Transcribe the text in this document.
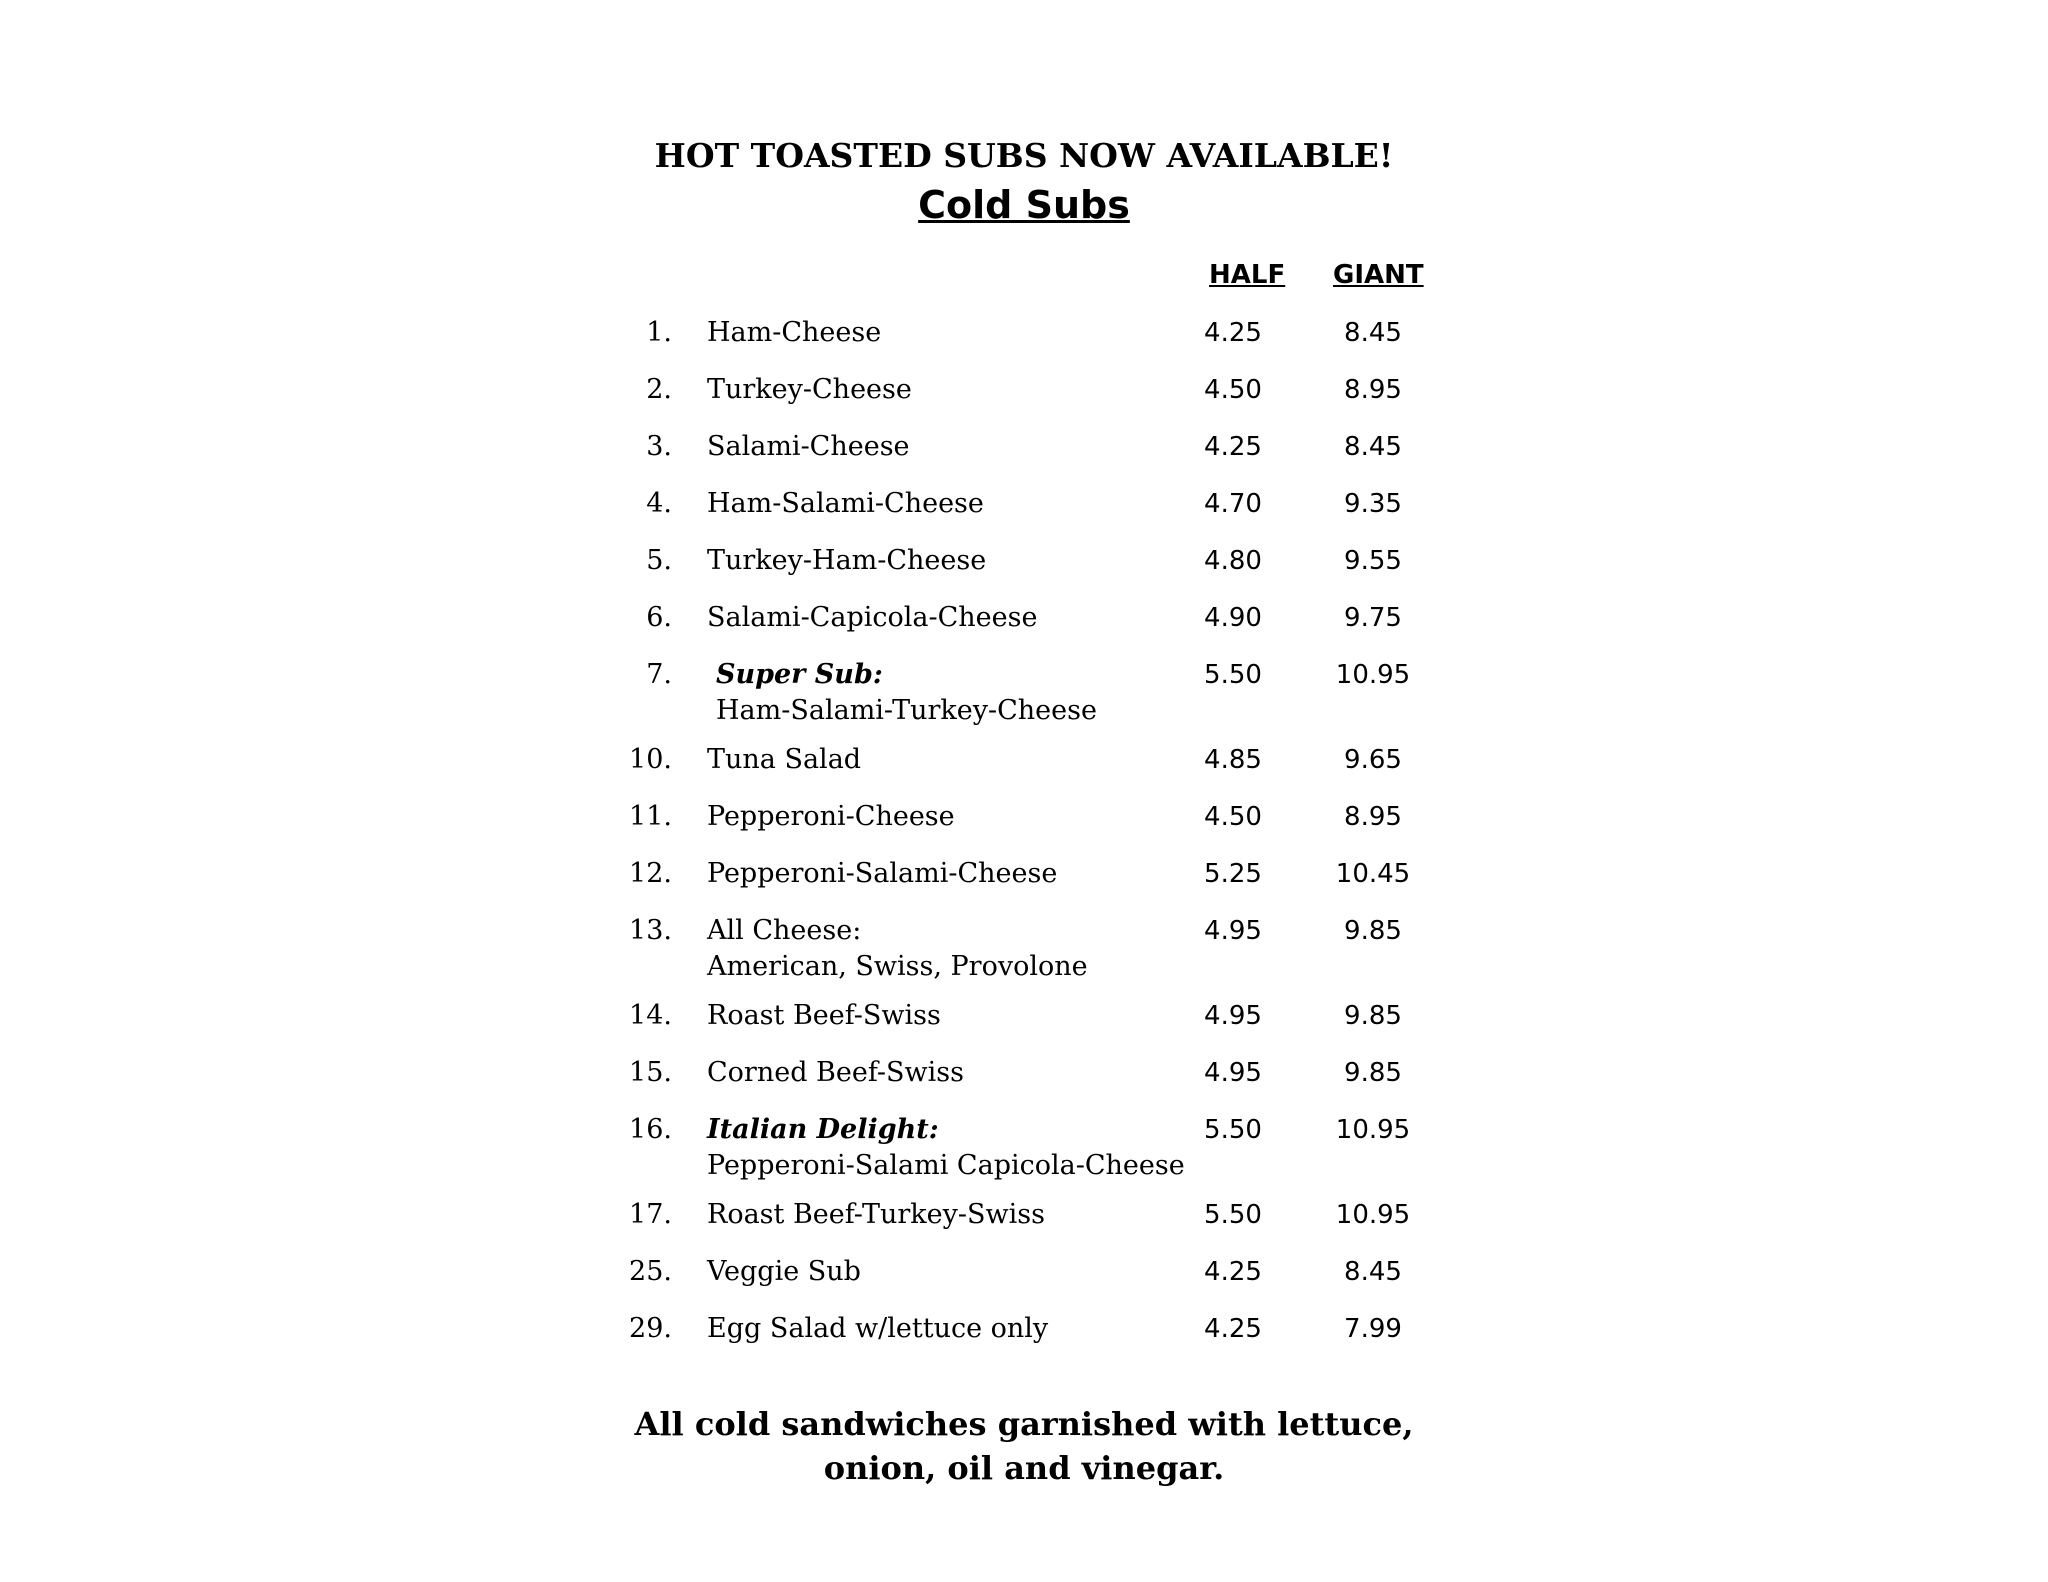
HOT TOASTED SUBS NOW AVAILABLE!
Cold Subs
HALF GIANT
1. Ham-Cheese	4.25	8.45
2. Turkey-Cheese	4.50	8.95
3. Salami-Cheese	4.25	8.45
4. Ham-Salami-Cheese	4.70	9.35
5. Turkey-Ham-Cheese	4.80	9.55
6. Salami-Capicola-Cheese	4.90	9.75
7. Super Sub:
Ham-Salami-Turkey-Cheese
5.50	10.95
10. Tuna Salad	4.85	9.65
11. Pepperoni-Cheese	4.50	8.95
12. Pepperoni-Salami-Cheese	5.25	10.45
13. All Cheese:
American, Swiss, Provolone
4.95	9.85
14. Roast Beef-Swiss	4.95	9.85
15. Corned Beef-Swiss	4.95	9.85
16. Italian Delight:
Pepperoni-Salami Capicola-Cheese
5.50	10.95
17. Roast Beef-Turkey-Swiss	5.50	10.95
25. Veggie Sub	4.25	8.45
29. Egg Salad w/lettuce only	4.25	7.99

All cold sandwiches garnished with lettuce,
onion, oil and vinegar.
